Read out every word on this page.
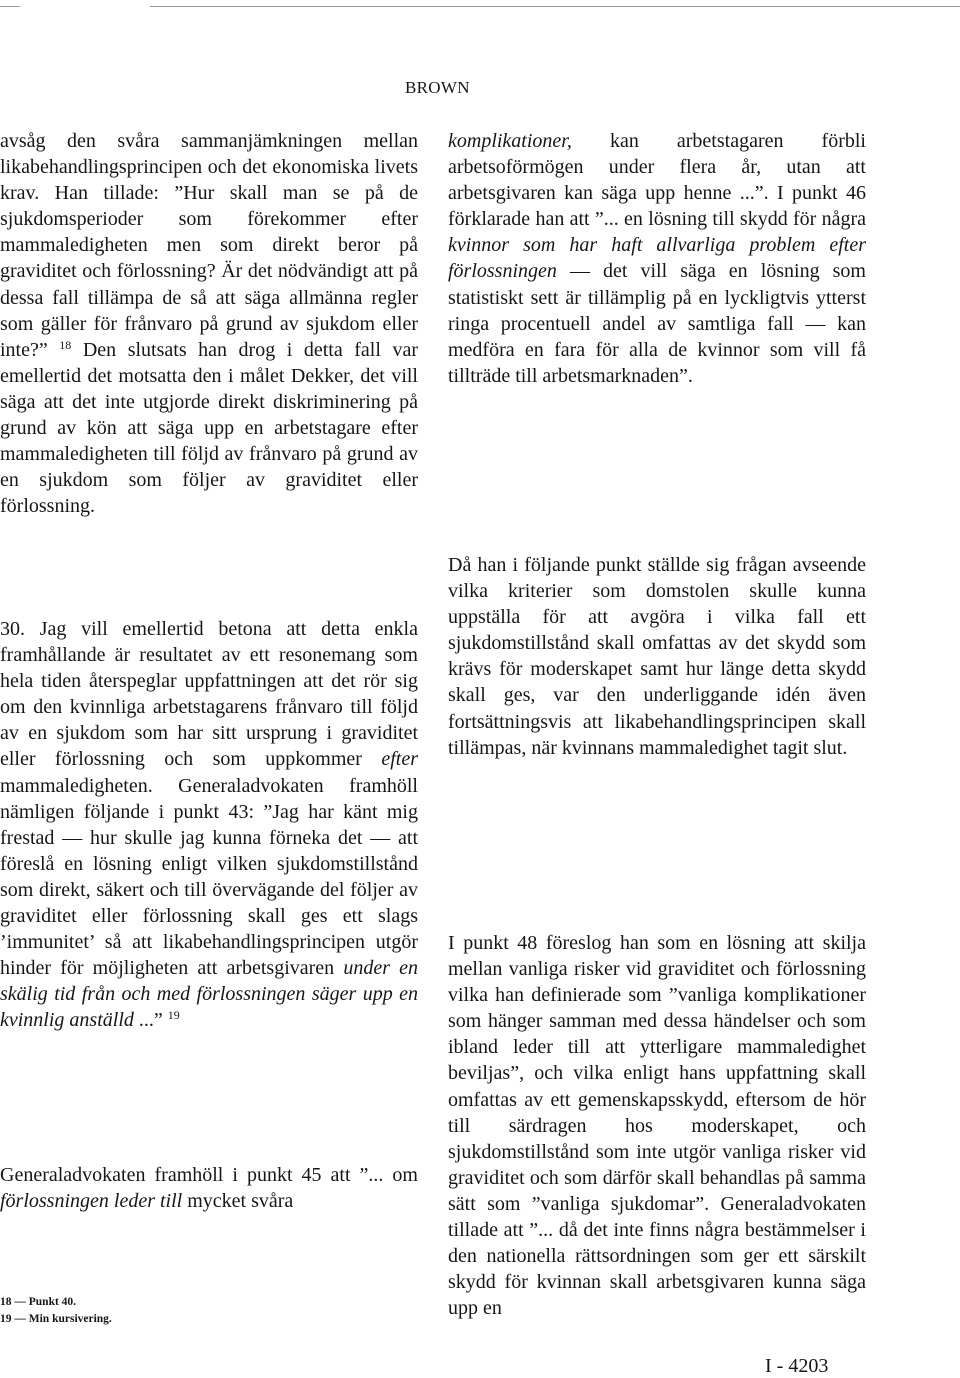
BROWN

avsåg den svåra sammanjämkningen mellan likabehandlingsprincipen och det ekonomiska livets krav. Han tillade: ”Hur skall man se på de sjukdomsperioder som förekommer efter mammaledigheten men som direkt beror på graviditet och förlossning? Är det nödvändigt att på dessa fall tillämpa de så att säga allmänna regler som gäller för frånvaro på grund av sjukdom eller inte?” $^{18}$ Den slutsats han drog i detta fall var emellertid det motsatta den i målet Dekker, det vill säga att det inte utgjorde direkt diskriminering på grund av kön att säga upp en arbetstagare efter mammaledigheten till följd av frånvaro på grund av en sjukdom som följer av graviditet eller förlossning.

30. Jag vill emellertid betona att detta enkla framhållande är resultatet av ett resonemang som hela tiden återspeglar uppfattningen att det rör sig om den kvinnliga arbetstagarens frånvaro till följd av en sjukdom som har sitt ursprung i graviditet eller förlossning och som uppkommer efter mammaledigheten. Generaladvokaten framhöll nämligen följande i punkt 43: ”Jag har känt mig frestad — hur skulle jag kunna förneka det — att föreslå en lösning enligt vilken sjukdomstillstånd som direkt, säkert och till övervägande del följer av graviditet eller förlossning skall ges ett slags ’immunitet’ så att likabehandlingsprincipen utgör hinder för möjligheten att arbetsgivaren under en skälig tid från och med förlossningen säger upp en kvinnlig anställd ...” $^{19}$

Generaladvokaten framhöll i punkt 45 att ”... om förlossningen leder till mycket svåra

komplikationer, kan arbetstagaren förbli arbetsoförmögen under flera år, utan att arbetsgivaren kan säga upp henne ...”. I punkt 46 förklarade han att ”... en lösning till skydd för några kvinnor som har haft allvarliga problem efter förlossningen — det vill säga en lösning som statistiskt sett är tillämplig på en lyckligtvis ytterst ringa procentuell andel av samtliga fall — kan medföra en fara för alla de kvinnor som vill få tillträde till arbetsmarknaden”.

Då han i följande punkt ställde sig frågan avseende vilka kriterier som domstolen skulle kunna uppställa för att avgöra i vilka fall ett sjukdomstillstånd skall omfattas av det skydd som krävs för moderskapet samt hur länge detta skydd skall ges, var den underliggande idén även fortsättningsvis att likabehandlingsprincipen skall tillämpas, när kvinnans mammaledighet tagit slut.

I punkt 48 föreslog han som en lösning att skilja mellan vanliga risker vid graviditet och förlossning vilka han definierade som ”vanliga komplikationer som hänger samman med dessa händelser och som ibland leder till att ytterligare mammaledighet beviljas”, och vilka enligt hans uppfattning skall omfattas av ett gemenskapsskydd, eftersom de hör till särdragen hos moderskapet, och sjukdomstillstånd som inte utgör vanliga risker vid graviditet och som därför skall behandlas på samma sätt som ”vanliga sjukdomar”. Generaladvokaten tillade att ”... då det inte finns några bestämmelser i den nationella rättsordningen som ger ett särskilt skydd för kvinnan skall arbetsgivaren kunna säga upp en

18 — Punkt 40.
19 — Min kursivering.
I - 4203
